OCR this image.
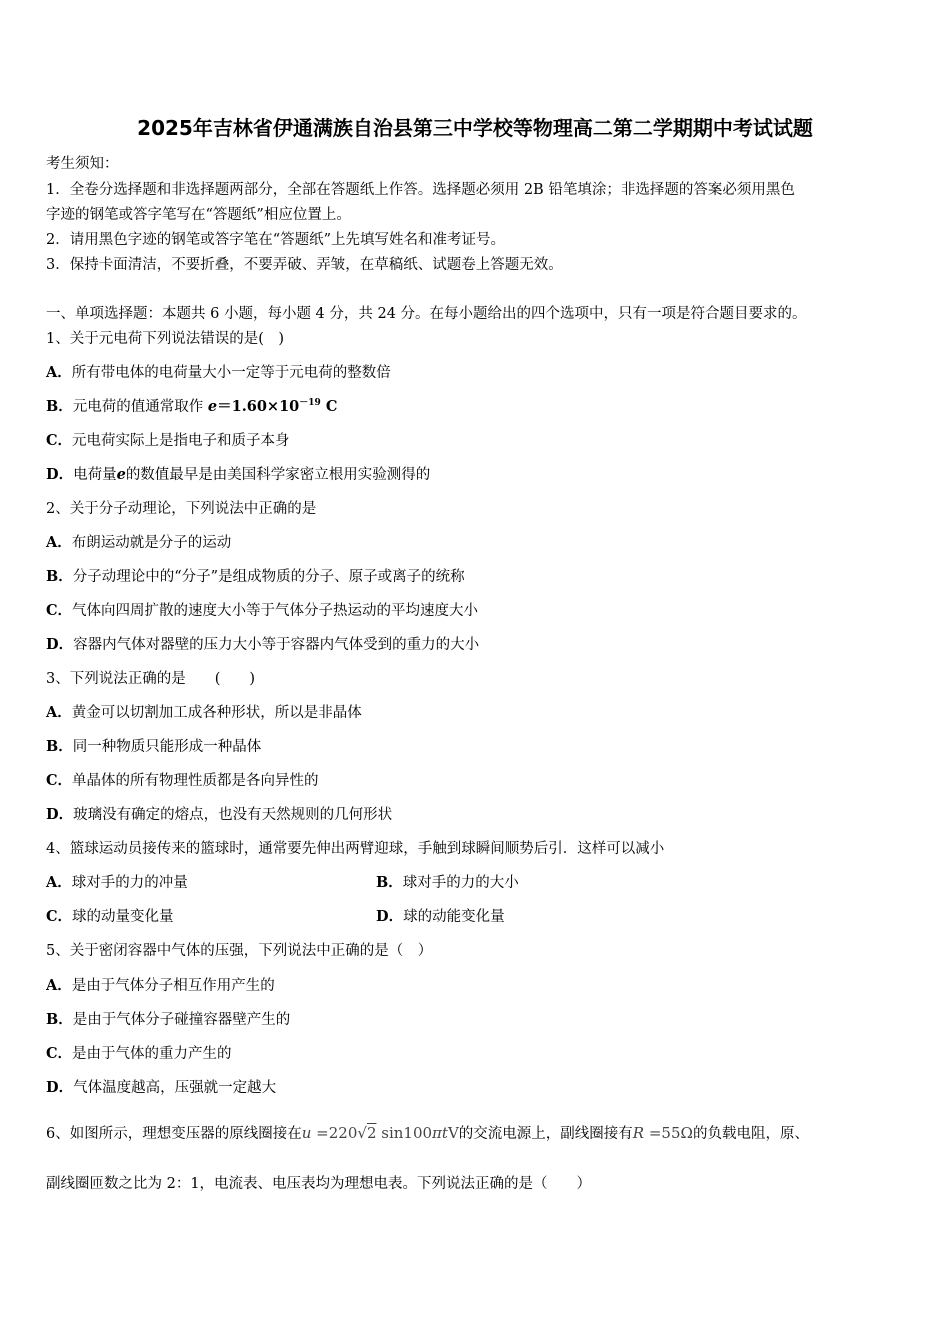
2025年吉林省伊通满族自治县第三中学校等物理高二第二学期期中考试试题
考生须知：
1．全卷分选择题和非选择题两部分，全部在答题纸上作答。选择题必须用 2B 铅笔填涂；非选择题的答案必须用黑色
字迹的钢笔或答字笔写在“答题纸”相应位置上。
2．请用黑色字迹的钢笔或答字笔在“答题纸”上先填写姓名和准考证号。
3．保持卡面清洁，不要折叠，不要弄破、弄皱，在草稿纸、试题卷上答题无效。
一、单项选择题：本题共 6 小题，每小题 4 分，共 24 分。在每小题给出的四个选项中，只有一项是符合题目要求的。
1、关于元电荷下列说法错误的是(　)
A．所有带电体的电荷量大小一定等于元电荷的整数倍
B．元电荷的值通常取作 $e=1.60\times 10^{-19}$ C
C．元电荷实际上是指电子和质子本身
D．电荷量e的数值最早是由美国科学家密立根用实验测得的
2、关于分子动理论，下列说法中正确的是
A．布朗运动就是分子的运动
B．分子动理论中的“分子”是组成物质的分子、原子或离子的统称
C．气体向四周扩散的速度大小等于气体分子热运动的平均速度大小
D．容器内气体对器壁的压力大小等于容器内气体受到的重力的大小
3、下列说法正确的是　　(　　)
A．黄金可以切割加工成各种形状，所以是非晶体
B．同一种物质只能形成一种晶体
C．单晶体的所有物理性质都是各向异性的
D．玻璃没有确定的熔点，也没有天然规则的几何形状
4、篮球运动员接传来的篮球时，通常要先伸出两臂迎球，手触到球瞬间顺势后引．这样可以减小
A．球对手的力的冲量	B．球对手的力的大小
C．球的动量变化量	D．球的动能变化量
5、关于密闭容器中气体的压强，下列说法中正确的是（　）
A．是由于气体分子相互作用产生的
B．是由于气体分子碰撞容器壁产生的
C．是由于气体的重力产生的
D．气体温度越高，压强就一定越大
6、如图所示，理想变压器的原线圈接在u =220√2 sin100πtV的交流电源上，副线圈接有R =55Ω的负载电阻，原、
副线圈匝数之比为 2：1，电流表、电压表均为理想电表。下列说法正确的是（　　）
